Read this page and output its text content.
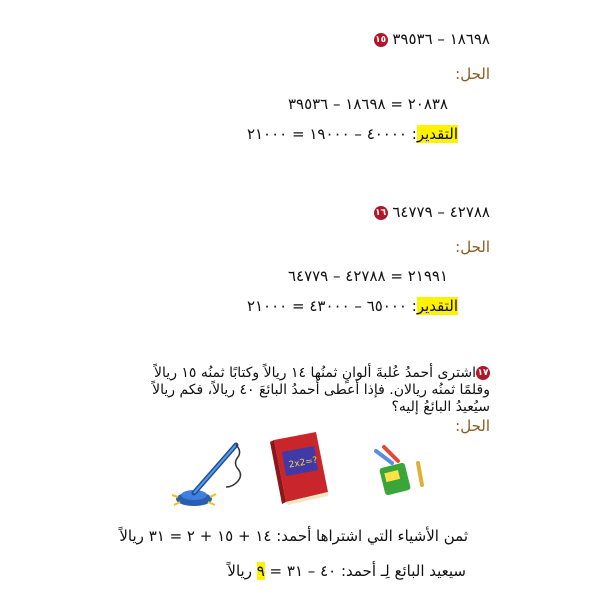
١٥ ١٨٦٩٨ – ٣٩٥٣٦
الحل:
٢٠٨٣٨ = ١٨٦٩٨ – ٣٩٥٣٦
التقدير: ٤٠٠٠٠ – ١٩٠٠٠ = ٢١٠٠٠
١٦ ٤٢٧٨٨ – ٦٤٧٧٩
الحل:
٢١٩٩١ = ٤٢٧٨٨ – ٦٤٧٧٩
التقدير: ٦٥٠٠٠ – ٤٣٠٠٠ = ٢١٠٠٠
١٧اشترى أحمدُ عُلبةَ ألوانٍ ثمنُها ١٤ ريالاً وكتابًا ثمنُه ١٥ ريالاً
وقلمًا ثمنُه ريالان. فإذا أعطى أحمدُ البائعَ ٤٠ ريالاً، فكم ريالاً
سيُعيدُ البائعُ إليه؟
الحل:
2x2=?
ثمن الأشياء التي اشتراها أحمد: ١٤ + ١٥ + ٢ = ٣١ ريالاً
سيعيد البائع لِـ أحمد: ٤٠ – ٣١ = ٩ ريالاً
